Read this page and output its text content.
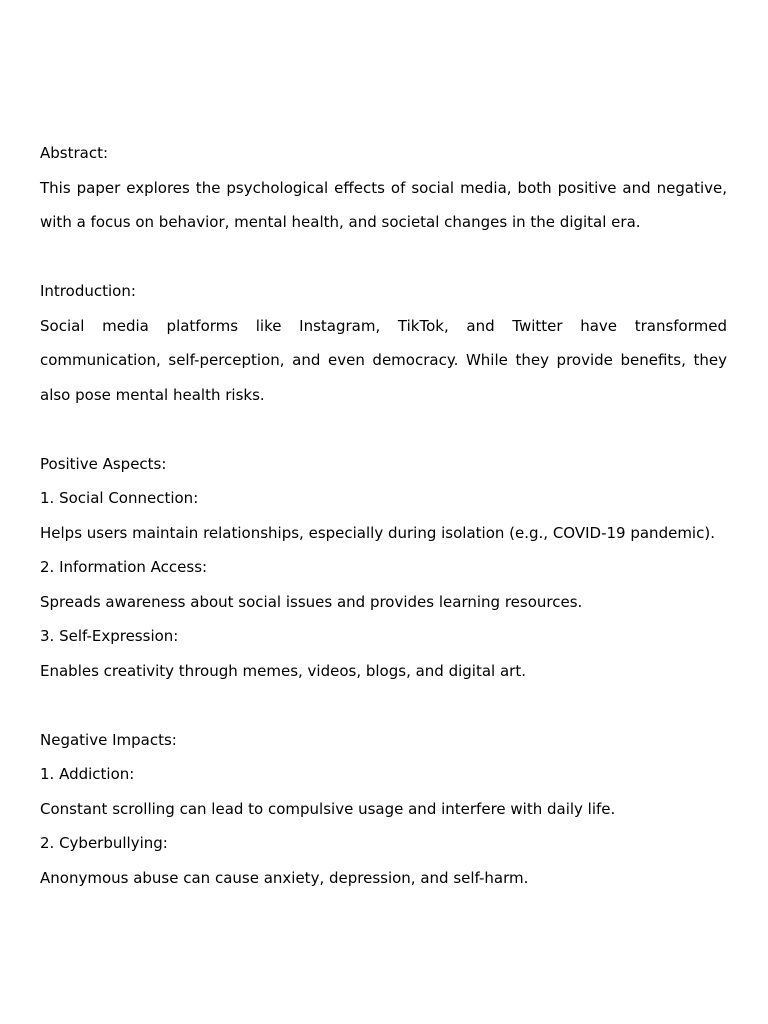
Abstract:

This paper explores the psychological effects of social media, both positive and negative, with a focus on behavior, mental health, and societal changes in the digital era.

Introduction:

Social media platforms like Instagram, TikTok, and Twitter have transformed communication, self-perception, and even democracy. While they provide benefits, they also pose mental health risks.

Positive Aspects:

1. Social Connection:

Helps users maintain relationships, especially during isolation (e.g., COVID-19 pandemic).

2. Information Access:

Spreads awareness about social issues and provides learning resources.

3. Self-Expression:

Enables creativity through memes, videos, blogs, and digital art.

Negative Impacts:

1. Addiction:

Constant scrolling can lead to compulsive usage and interfere with daily life.

2. Cyberbullying:

Anonymous abuse can cause anxiety, depression, and self-harm.
